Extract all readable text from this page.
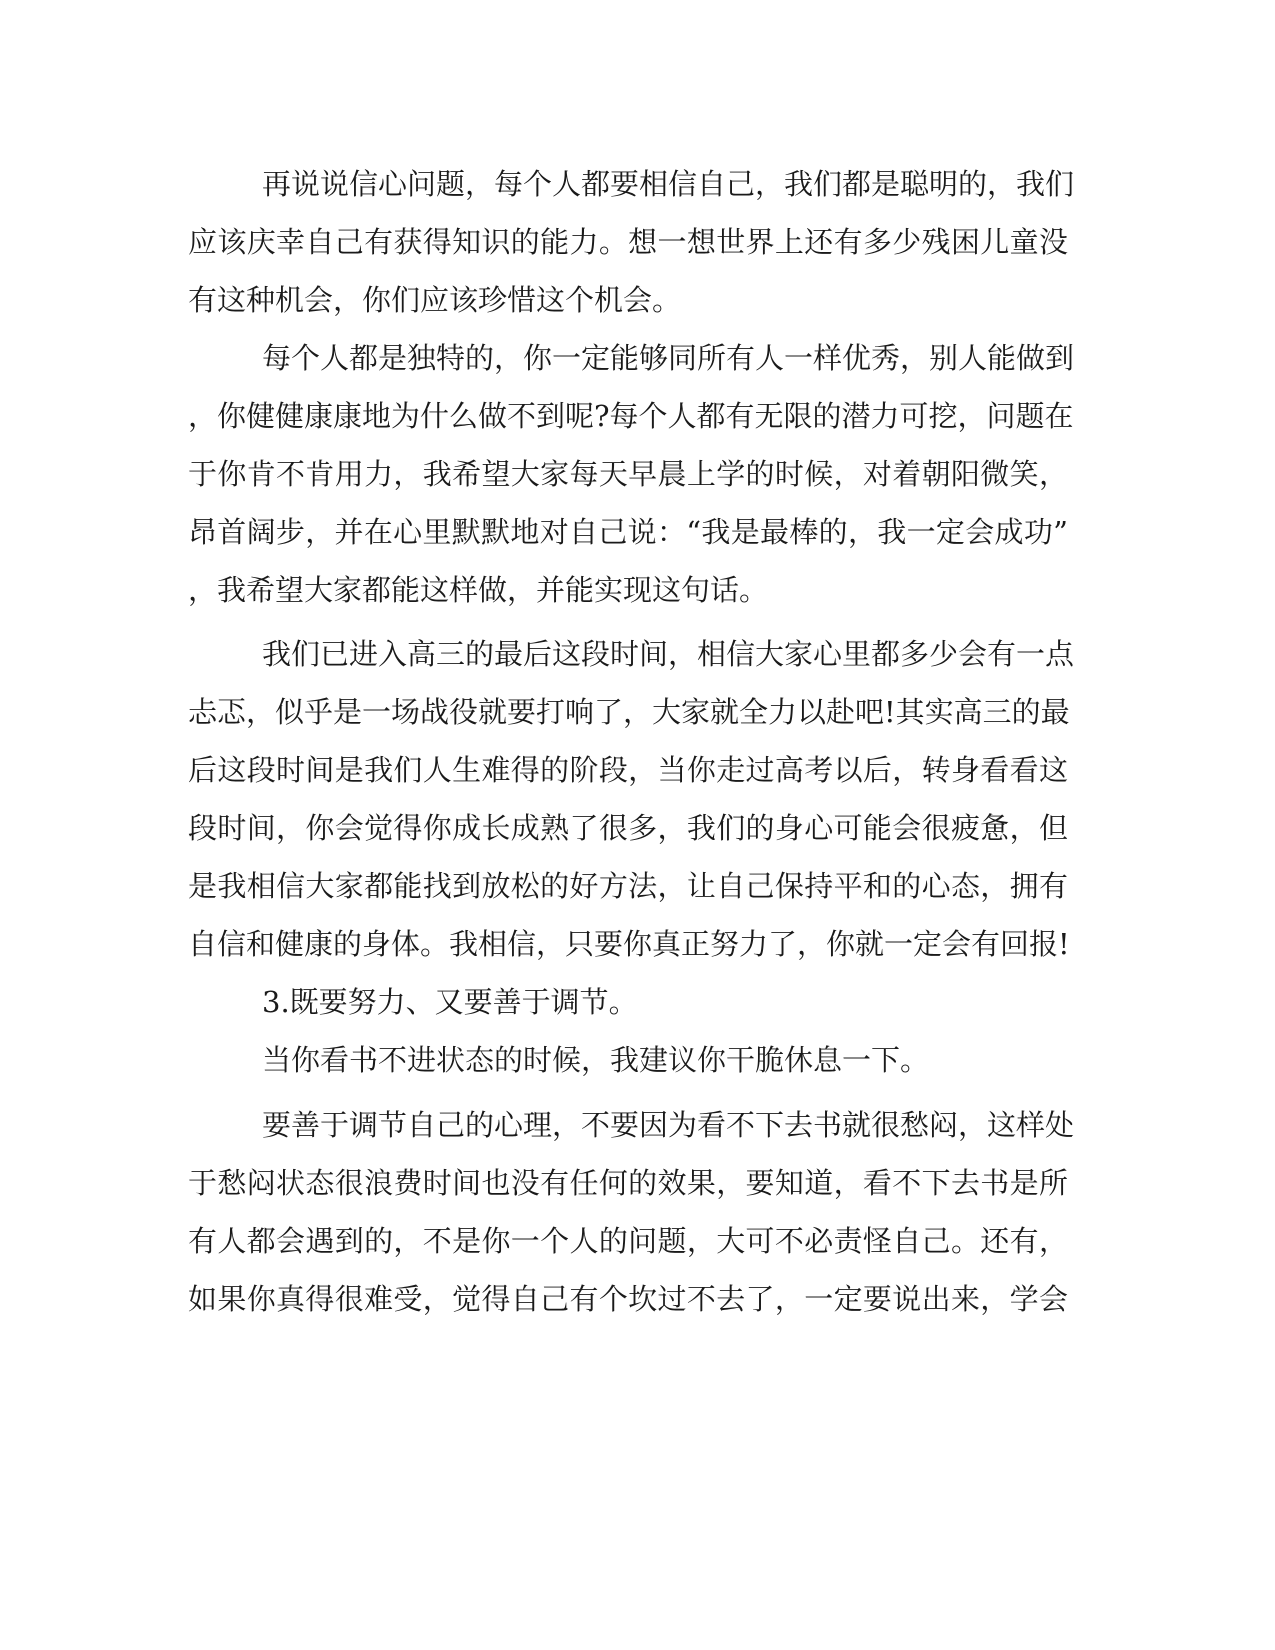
再说说信心问题，每个人都要相信自己，我们都是聪明的，我们

应该庆幸自己有获得知识的能力。想一想世界上还有多少残困儿童没

有这种机会，你们应该珍惜这个机会。

每个人都是独特的，你一定能够同所有人一样优秀，别人能做到

，你健健康康地为什么做不到呢?每个人都有无限的潜力可挖，问题在

于你肯不肯用力，我希望大家每天早晨上学的时候，对着朝阳微笑，

昂首阔步，并在心里默默地对自己说：“我是最棒的，我一定会成功”

，我希望大家都能这样做，并能实现这句话。

我们已进入高三的最后这段时间，相信大家心里都多少会有一点

忐忑，似乎是一场战役就要打响了，大家就全力以赴吧!其实高三的最

后这段时间是我们人生难得的阶段，当你走过高考以后，转身看看这

段时间，你会觉得你成长成熟了很多，我们的身心可能会很疲惫，但

是我相信大家都能找到放松的好方法，让自己保持平和的心态，拥有

自信和健康的身体。我相信，只要你真正努力了，你就一定会有回报!

3.既要努力、又要善于调节。

当你看书不进状态的时候，我建议你干脆休息一下。

要善于调节自己的心理，不要因为看不下去书就很愁闷，这样处

于愁闷状态很浪费时间也没有任何的效果，要知道，看不下去书是所

有人都会遇到的，不是你一个人的问题，大可不必责怪自己。还有，

如果你真得很难受，觉得自己有个坎过不去了，一定要说出来，学会
